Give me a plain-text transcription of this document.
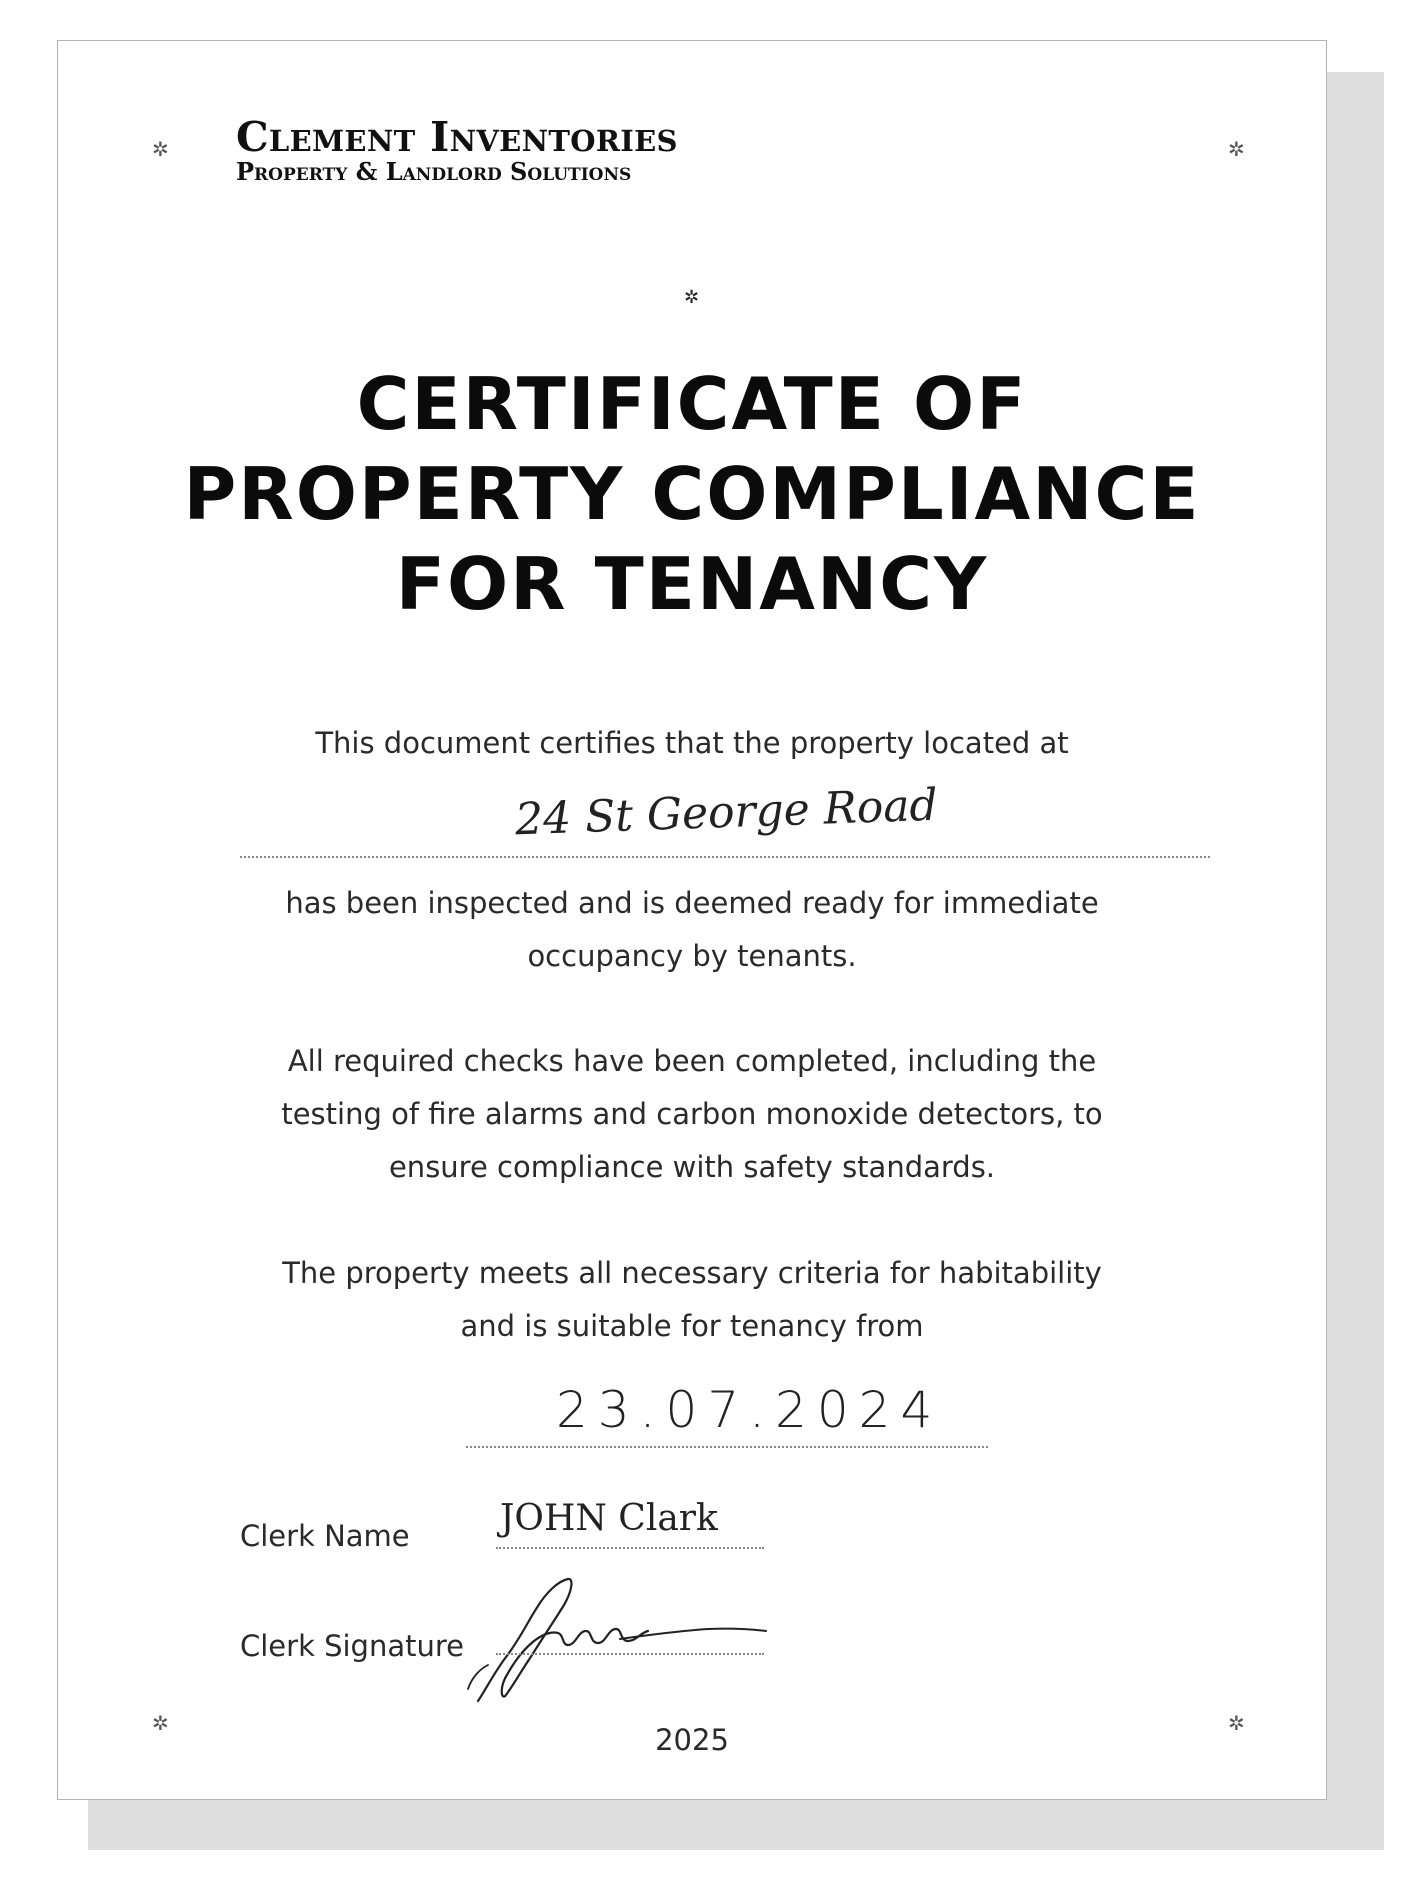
✲	✲
✲	✲
✲
Clement Inventories
Property & Landlord Solutions
CERTIFICATE OF
PROPERTY COMPLIANCE
FOR TENANCY
This document certifies that the property located at
24 St George Road
has been inspected and is deemed ready for immediate occupancy by tenants.
All required checks have been completed, including the testing of fire alarms and carbon monoxide detectors, to ensure compliance with safety standards.
The property meets all necessary criteria for habitability and is suitable for tenancy from
23.07.2024
Clerk Name	JOHN Clark
Clerk Signature
2025
